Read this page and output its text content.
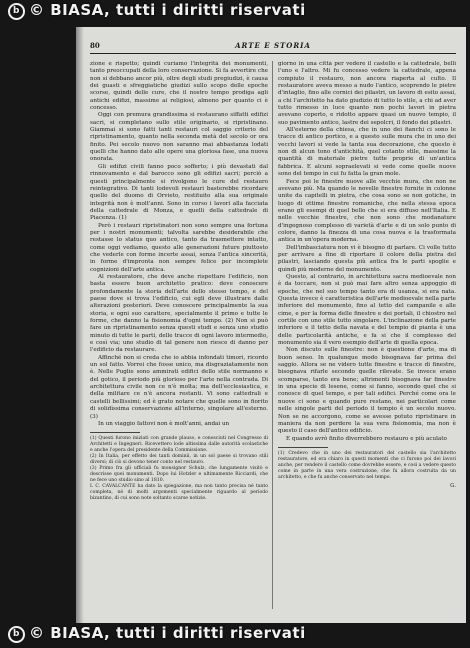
b © BIASA, tutti i diritti riservati
80	ARTE E STORIA

zione e rispetto; quindi curiamo l'integrità dei monumenti, tanto preoccupati della loro conservazione. Si fa avvertire che non si debbano ancor più, oltre degli studi pregiudizi, è causa dei guasti e sfreggiatiche giudizi sullo scopo delle epoche scorse, quindi delle cure, che il nostro tempo prodiga agli antichi edifizi, massime ai religiosi, almeno per quanto ci è concesso.

Oggi con premura grandissima si restaurano siffatti edifizi sacri, si completano sullo stile originario, si ripristinano. Giammai si sono fatti tanti restauri col saggio criterio del ripristinamento, quanto nella seconda metà del secolo or ora finito. Pei secolo nuovo non saranno mai abbastanza lodati quelli che hanno dato alle opere una gloriosa fase, una nuova onorata.

Gli edifizi civili fanno poco sofferto; i più devastati dal rinnovamento e dal barocco sono gli edifizi sacri; perciò a questi principalmente si rivolgono le cure del restauro reintegrativo. Di tanti lodevoli restauri basterebbe ricordare quello del duomo di Orvieto, restituito alla sua originale integrità non è molt'anni. Sono in corso i lavori alla facciata della cattedrale di Monza, e quelli della cattedrale di Piacenza. (1)

Però i restauri ripristinatori non sono sempre una fortuna per i nostri monumenti; talvolta sarebbe desiderabile che restasse lo status quo antico, tanto da trasmettere intatto, come oggi vediamo, questo alle generazioni future piuttosto che vederle con forme incerte assai, senza l'antica sincerità, in forme d'impronta non sempre felice per incomplete cognizioni dell'arte antica.

Al restauratore, che deve anche rispettare l'edificio, non basta essere buon architetto pratico: deve conoscere profondamente la storia dell'arte dello stesso tempo, e del paese dove si trova l'edificio, cui egli deve illustrare dalle alterazioni posteriori. Deve conoscere principalmente la sua storia, e ogni suo carattere, specialmente il primo e tutte le forme, che danno la fisionomia d'ogni tempo. (2) Non si può fare un ripristinamento senza questi studi e senza uno studio minuto di tutte le parti, delle tracce di ogni lavoro intermedio, e così via; uno studio di tal genere non riesce di danno per l'edificio da restaurare.

Affinché non si creda che io abbia infondati timori, ricordo un sol fatto. Vorrei che fosse unico, ma disgraziatamente non è. Nelle Puglie sono ammirati edifici dello stile normanno e del gotico, il periodo più glorioso per l'arte nella contrada. Di architettura civile non ce n'è molta; ma dell'ecclesiastica, e della militare ce n'è ancora restanti. Vi sono cattedrali e castelli bellissimi; ed è grato notare che quelle sono in fiorito di solidissima conservazione all'interno, singolare all'esterno. (3)

In un viaggio fattovi non è molt'anni, andai un

(1) Questi furono iniziati con grande plauso, e conosciuti nel Congresso di Architetti e Ingegneri. Ricevettero lode altissima dalle autorità scolastiche e anche l'opera del presidente della Commissione.

(2) In Italia, per effetto dei tanti dominii, in un sol paese si trovano stili diversi; di ciò si devono tener conto nel restauro.

(3) Primo fra gli ufficiali fu monsignor Schulz, che lungamente visitò e descrisse quei monumenti. Dopo lui Hotzler e ultimamente Ricciardi, che ne fece uno studio sino al 1810.

I. C. CAVALCANTE ha dato la spiegazione, ma non tanto precisa né tanto completa, né di molti argomenti specialmente riguardo al periodo bizantino, di cui sono note soltanto scarse notizie.

giorno in una città per vedere il castello e la cattedrale, belli l'uno e l'altro. Mi fu concesso vedere la cattedrale, appena compiuto il restauro, non ancora riaperta al culto. Il restauratore aveva messo a nudo l'antico, scoprendo le pietre d'intaglio, fino alle cornici dei pilastri, un lavoro di esito assai, a chi l'architetto ha dato giudizio di tutto lo stile, a chi ad aver tutto rimesso in luce quanto non pochi lavori in pietra avevano coperto, e ridotto appare quasi un nuovo tempio, il suo pavimento antico, lastre dei sepolcri, il fondo dei pilastri.

All'esterno della chiesa, che in uno dei fianchi ci sono le tracce di antico portico, e a questo sulle mura che in uno dei vecchi lavori si vede la tanta sua decorazione, che questo è non di alcun tono d'antichità, quel cotanto stile, massime la quantità di materiale pietre tutte proprie di un'antica fabbrica. E alcuni sopraelevati si vede come quelle nuove sono del tempo in cui fu fatta la gran mole.

Fece poi le finestre nuove alle vecchie mura, che non ne avevano più. Ma quando le novelle finestre fornite in colonne unite da capitelli in pietra, che cosa sono se non gotiche, in luogo di ottime finestre romaniche, che nella stessa epoca erano gli esempi di quel bello che si era diffuso nell'Italia. E nelle vecchie finestre, che non sono che modanature d'ingegnoso complesso di varietà d'arte e di un solo punto di colore, danno la finezza di una cosa nuova e la trasformata antica in un'opera moderna.

Dell'imbasciatura non vi è bisogno di parlare. Ci volle tutto per arrivare a fine di riportare il colore della pietra del pilastri, lasciando questa più antica fra le parti spoglie e quindi più moderne del monumento.

Questo, al contrario, in architettura sacra medioevale non è da toccare, non si può mai fare altro senza appoggio di epoche, che nel suo tempo tanto era di usanza, si era nata. Questa invece è caratteristica dell'arte medioevale nella parte inferiore del monumento, fino al tetto del campanile e alle cime, e per la forma delle finestre e dei portali, il chiostro nel cortile con uno stile tutto singolare. L'inclinazione della parte inferiore e il tetto della navata e del tempio di pianta è una delle particolarità antiche, e fa si che il complesso del monumento sia il vero esempio dell'arte di quella epoca.

Non discuto sulle finestre: non è questione d'arte, ma di buon senso. In qualunque modo bisognava far prima del saggio. Allora se ne videro tutte finestre e tracce di finestre, bisognava rifarle secondo quelle rilevate. Se invece erano scomparse, tanto era bene; altrimenti bisognava far finestre in una specie di lesene, come si fanno, secondo quel che si conosce di quel tempo, e per tali edifici. Perché come ora le nuove ci sono e quando pure restano, nei particolari come nelle singole parti del periodo il tempio è un secolo nuovo. Non se ne accorgono, come se avesse potuto ripristinare in maniera da non perdere la sua vera fisionomia, ma non è questo il caso dell'antico edificio.

E quando avrò finito diverrebbero restauro e più aculato

(1) Credevo che in uno dei restauratori del castello sia l'architetto restauratore, ed era chiaro in questi momenti che ci furono poi dei lavori anche, per rendere il castello come dovrebbe essere, e così a vedere questo come in parte in una vera costruzione, che fu allora costruita da un architetto, e che fu anche conservato nel tempo.

G.
b © BIASA, tutti i diritti riservati
